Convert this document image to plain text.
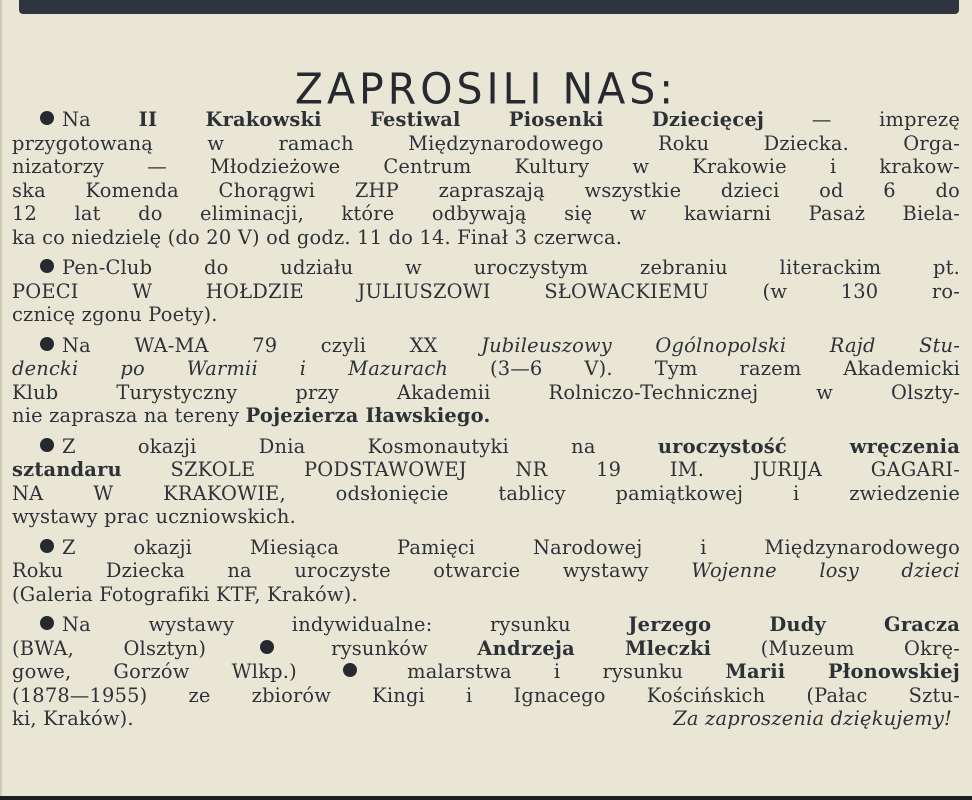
ZAPROSILI NAS:
Na II Krakowski Festiwal Piosenki Dziecięcej — imprezę
przygotowaną w ramach Międzynarodowego Roku Dziecka. Orga-
nizatorzy — Młodzieżowe Centrum Kultury w Krakowie i krakow-
ska Komenda Chorągwi ZHP zapraszają wszystkie dzieci od 6 do
12 lat do eliminacji, które odbywają się w kawiarni Pasaż Biela-
ka co niedzielę (do 20 V) od godz. 11 do 14. Finał 3 czerwca.
Pen-Club do udziału w uroczystym zebraniu literackim pt.
POECI W HOŁDZIE JULIUSZOWI SŁOWACKIEMU (w 130 ro-
cznicę zgonu Poety).
Na WA-MA 79 czyli XX Jubileuszowy Ogólnopolski Rajd Stu-
dencki po Warmii i Mazurach (3—6 V). Tym razem Akademicki
Klub Turystyczny przy Akademii Rolniczo-Technicznej w Olszty-
nie zaprasza na tereny Pojezierza Iławskiego.
Z okazji Dnia Kosmonautyki na uroczystość wręczenia
sztandaru SZKOLE PODSTAWOWEJ NR 19 IM. JURIJA GAGARI-
NA W KRAKOWIE, odsłonięcie tablicy pamiątkowej i zwiedzenie
wystawy prac uczniowskich.
Z okazji Miesiąca Pamięci Narodowej i Międzynarodowego
Roku Dziecka na uroczyste otwarcie wystawy Wojenne losy dzieci
(Galeria Fotografiki KTF, Kraków).
Na wystawy indywidualne: rysunku Jerzego Dudy Gracza
(BWA, Olsztyn)  rysunków Andrzeja Mleczki (Muzeum Okrę-
gowe, Gorzów Wlkp.)  malarstwa i rysunku Marii Płonowskiej
(1878—1955) ze zbiorów Kingi i Ignacego Kościńskich (Pałac Sztu-
ki, Kraków).	Za zaproszenia dziękujemy!
